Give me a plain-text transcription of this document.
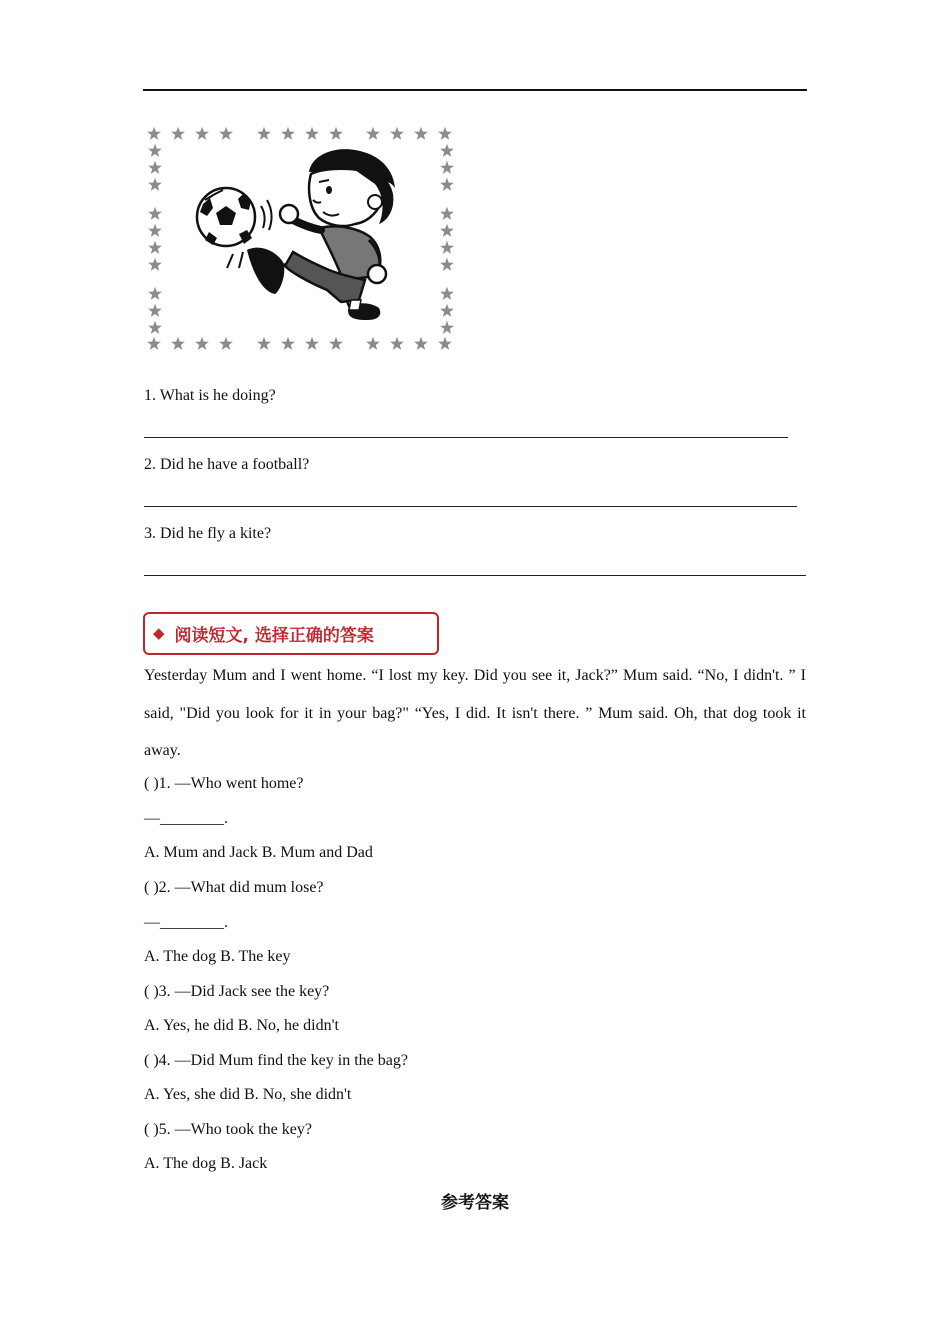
1. What is he doing?
2. Did he have a football?
3. Did he fly a kite?
◆ 阅读短文, 选择正确的答案
Yesterday Mum and I went home. “I lost my key. Did you see it, Jack?” Mum said. “No, I didn't. ” I said, "Did you look for it in your bag?" “Yes, I did. It isn't there. ” Mum said. Oh, that dog took it away.
( )1. —Who went home?
—________.
A. Mum and Jack B. Mum and Dad
( )2. —What did mum lose?
—________.
A. The dog B. The key
( )3. —Did Jack see the key?
A. Yes, he did B. No, he didn't
( )4. —Did Mum find the key in the bag?
A. Yes, she did B. No, she didn't
( )5. —Who took the key?
A. The dog B. Jack
参考答案
